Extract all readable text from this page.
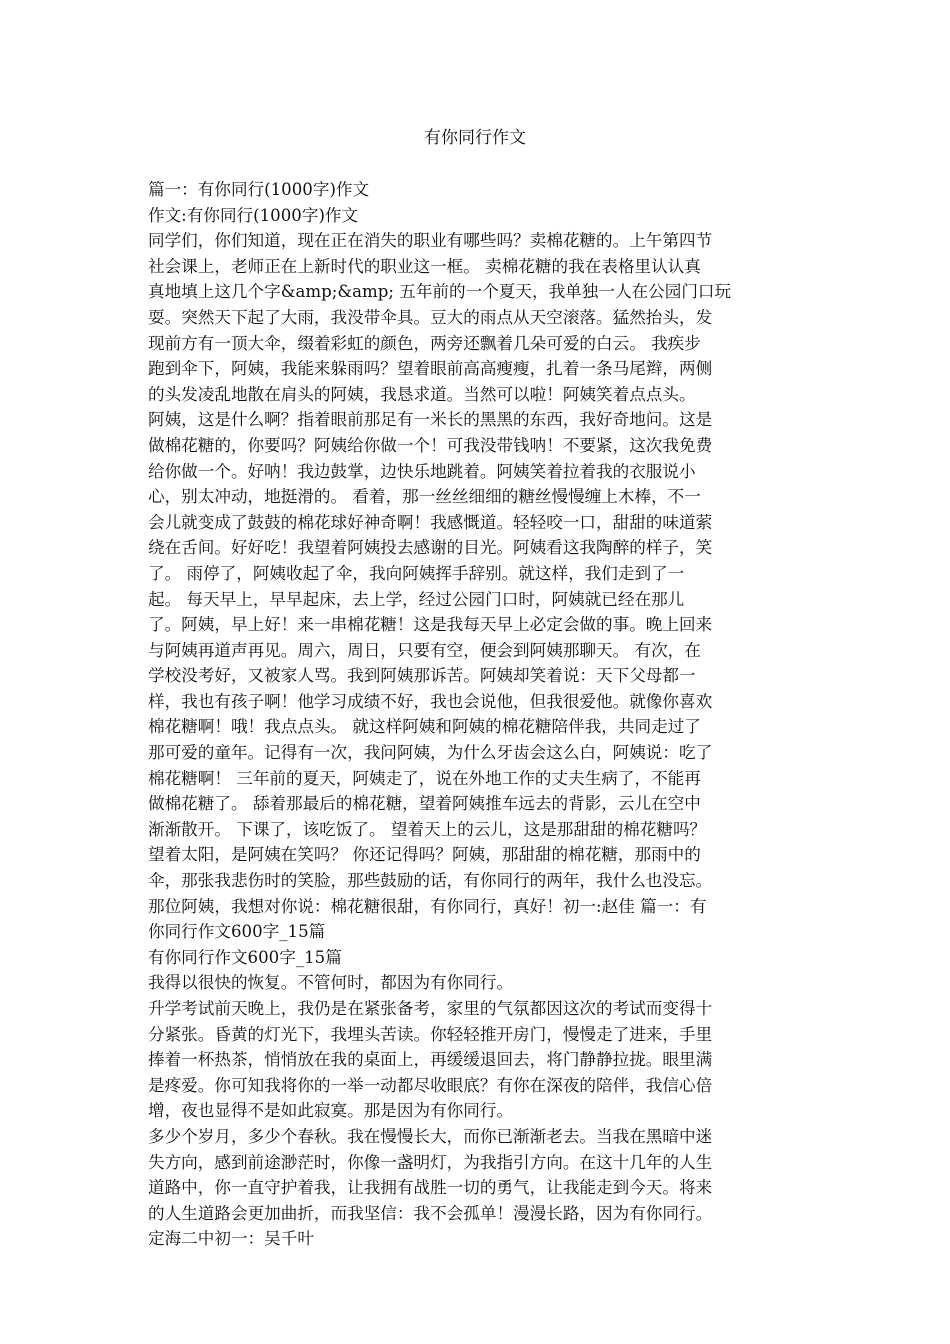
有你同行作文
篇一：有你同行(1000字)作文
作文:有你同行(1000字)作文
同学们，你们知道，现在正在消失的职业有哪些吗？卖棉花糖的。上午第四节
社会课上，老师正在上新时代的职业这一框。 卖棉花糖的我在表格里认认真
真地填上这几个字&amp;&amp; 五年前的一个夏天，我单独一人在公园门口玩
耍。突然天下起了大雨，我没带伞具。豆大的雨点从天空滚落。猛然抬头，发
现前方有一顶大伞，缀着彩虹的颜色，两旁还飘着几朵可爱的白云。 我疾步
跑到伞下，阿姨，我能来躲雨吗？望着眼前高高瘦瘦，扎着一条马尾辫，两侧
的头发凌乱地散在肩头的阿姨，我恳求道。当然可以啦！阿姨笑着点点头。
阿姨，这是什么啊？指着眼前那足有一米长的黑黑的东西，我好奇地问。这是
做棉花糖的，你要吗？阿姨给你做一个！可我没带钱呐！不要紧，这次我免费
给你做一个。好呐！我边鼓掌，边快乐地跳着。阿姨笑着拉着我的衣服说小
心，别太冲动，地挺滑的。 看着，那一丝丝细细的糖丝慢慢缠上木棒，不一
会儿就变成了鼓鼓的棉花球好神奇啊！我感慨道。轻轻咬一口，甜甜的味道萦
绕在舌间。好好吃！我望着阿姨投去感谢的目光。阿姨看这我陶醉的样子，笑
了。 雨停了，阿姨收起了伞，我向阿姨挥手辞别。就这样，我们走到了一
起。 每天早上，早早起床，去上学，经过公园门口时，阿姨就已经在那儿
了。阿姨，早上好！来一串棉花糖！这是我每天早上必定会做的事。晚上回来
与阿姨再道声再见。周六，周日，只要有空，便会到阿姨那聊天。 有次，在
学校没考好，又被家人骂。我到阿姨那诉苦。阿姨却笑着说：天下父母都一
样，我也有孩子啊！他学习成绩不好，我也会说他，但我很爱他。就像你喜欢
棉花糖啊！哦！我点点头。 就这样阿姨和阿姨的棉花糖陪伴我，共同走过了
那可爱的童年。记得有一次，我问阿姨，为什么牙齿会这么白，阿姨说：吃了
棉花糖啊！ 三年前的夏天，阿姨走了，说在外地工作的丈夫生病了，不能再
做棉花糖了。 舔着那最后的棉花糖，望着阿姨推车远去的背影，云儿在空中
渐渐散开。 下课了，该吃饭了。 望着天上的云儿，这是那甜甜的棉花糖吗？
望着太阳，是阿姨在笑吗？ 你还记得吗？阿姨，那甜甜的棉花糖，那雨中的
伞，那张我悲伤时的笑脸，那些鼓励的话，有你同行的两年，我什么也没忘。
那位阿姨，我想对你说：棉花糖很甜，有你同行，真好！初一:赵佳 篇一：有
你同行作文600字_15篇
有你同行作文600字_15篇
我得以很快的恢复。不管何时，都因为有你同行。
升学考试前天晚上，我仍是在紧张备考，家里的气氛都因这次的考试而变得十
分紧张。昏黄的灯光下，我埋头苦读。你轻轻推开房门，慢慢走了进来，手里
捧着一杯热茶，悄悄放在我的桌面上，再缓缓退回去，将门静静拉拢。眼里满
是疼爱。你可知我将你的一举一动都尽收眼底？有你在深夜的陪伴，我信心倍
增，夜也显得不是如此寂寞。那是因为有你同行。
多少个岁月，多少个春秋。我在慢慢长大，而你已渐渐老去。当我在黑暗中迷
失方向，感到前途渺茫时，你像一盏明灯，为我指引方向。在这十几年的人生
道路中，你一直守护着我，让我拥有战胜一切的勇气，让我能走到今天。将来
的人生道路会更加曲折，而我坚信：我不会孤单！漫漫长路，因为有你同行。
定海二中初一：吴千叶
